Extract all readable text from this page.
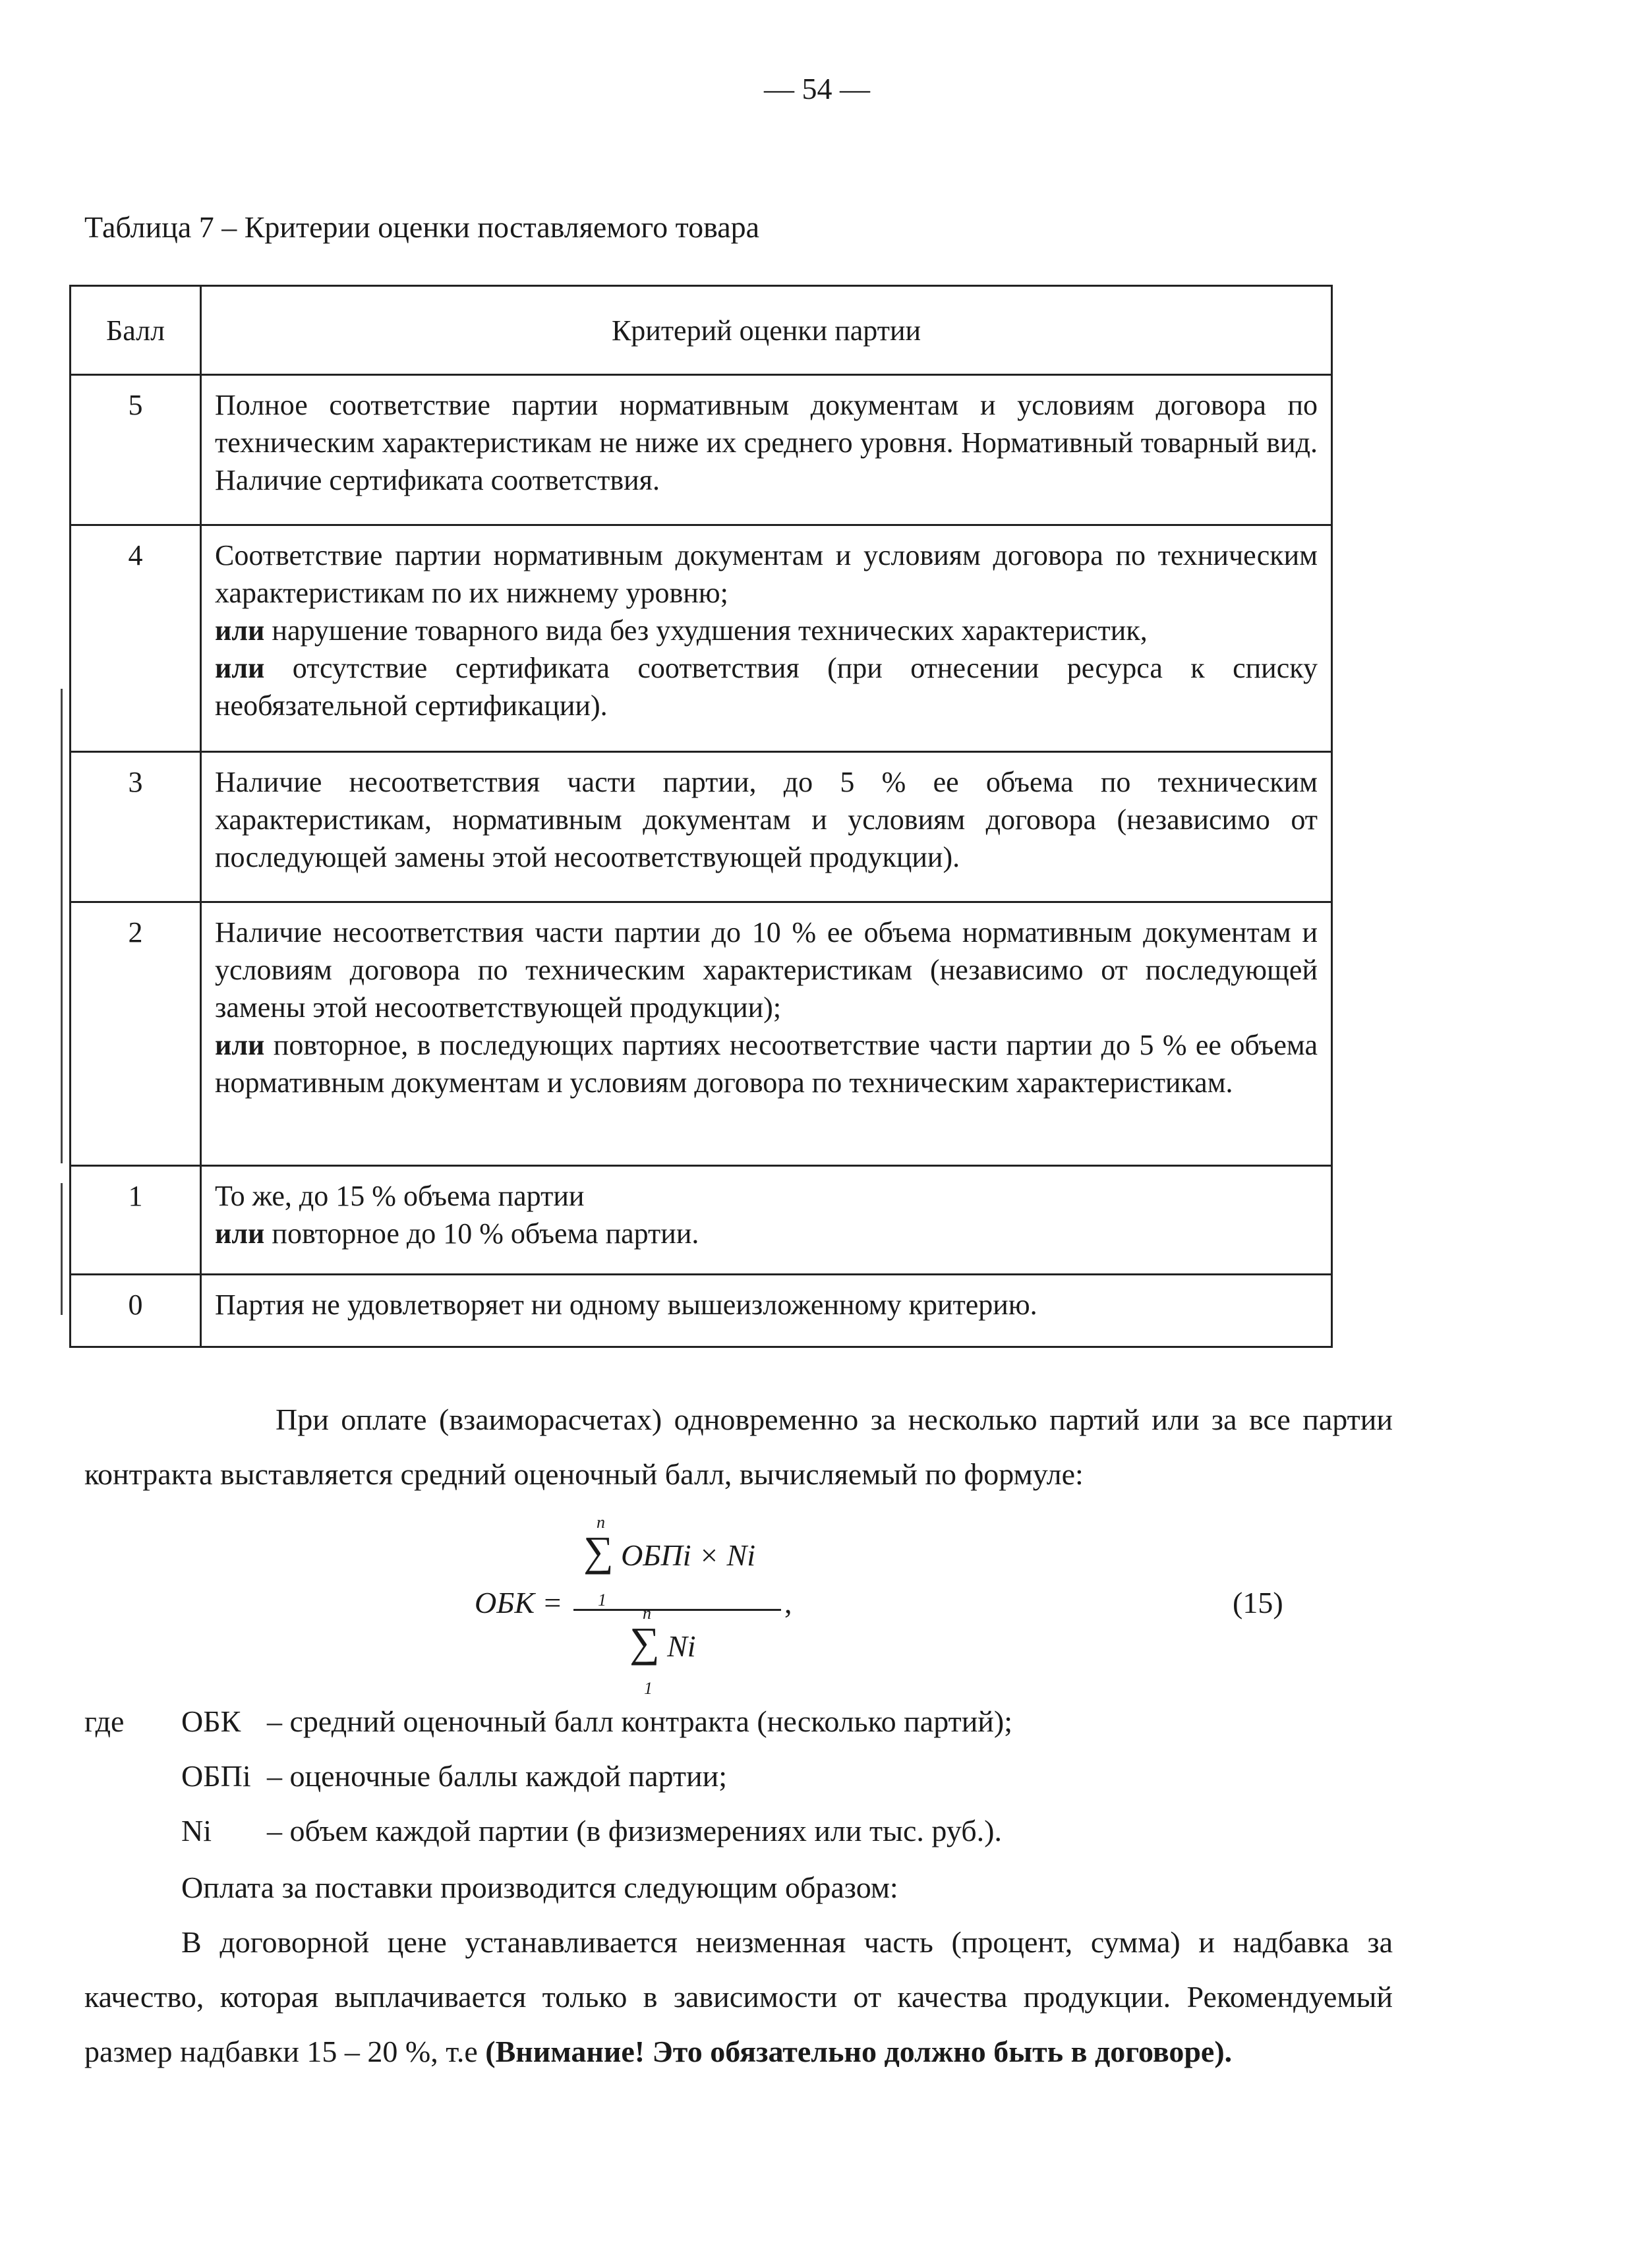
— 54 —
Таблица 7 – Критерии оценки поставляемого товара
Балл	Критерий оценки партии
5	Полное соответствие партии нормативным документам и условиям договора по техническим характеристикам не ниже их среднего уровня. Нормативный товарный вид. Наличие сертификата соответствия.
4	Соответствие партии нормативным документам и условиям договора по техническим характеристикам по их нижнему уровню;
или нарушение товарного вида без ухудшения технических характеристик,
или отсутствие сертификата соответствия (при отнесении ресурса к списку необязательной сертификации).
3	Наличие несоответствия части партии, до 5 % ее объема по техническим характеристикам, нормативным документам и условиям договора (независимо от последующей замены этой несоответствующей продукции).
2	Наличие несоответствия части партии до 10 % ее объема нормативным документам и условиям договора по техническим характеристикам (независимо от последующей замены этой несоответствующей продукции);
или повторное, в последующих партиях несоответствие части партии до 5 % ее объема нормативным документам и условиям договора по техническим характеристикам.
1	То же, до 15 % объема партии
или повторное до 10 % объема партии.
0	Партия не удовлетворяет ни одному вышеизложенному критерию.
При оплате (взаиморасчетах) одновременно за несколько партий или за все партии контракта выставляется средний оценочный балл, вычисляемый по формуле:
ОБК =
∑ ОБПi × Ni
n
1
∑ Ni
n
1
,	(15)
где ОБК – средний оценочный балл контракта (несколько партий);
ОБПi – оценочные баллы каждой партии;
Ni – объем каждой партии (в физизмерениях или тыс. руб.).
Оплата за поставки производится следующим образом:
В договорной цене устанавливается неизменная часть (процент, сумма) и надбавка за качество, которая выплачивается только в зависимости от качества продукции. Рекомендуемый размер надбавки 15 – 20 %, т.е (Внимание! Это обязательно должно быть в договоре).
